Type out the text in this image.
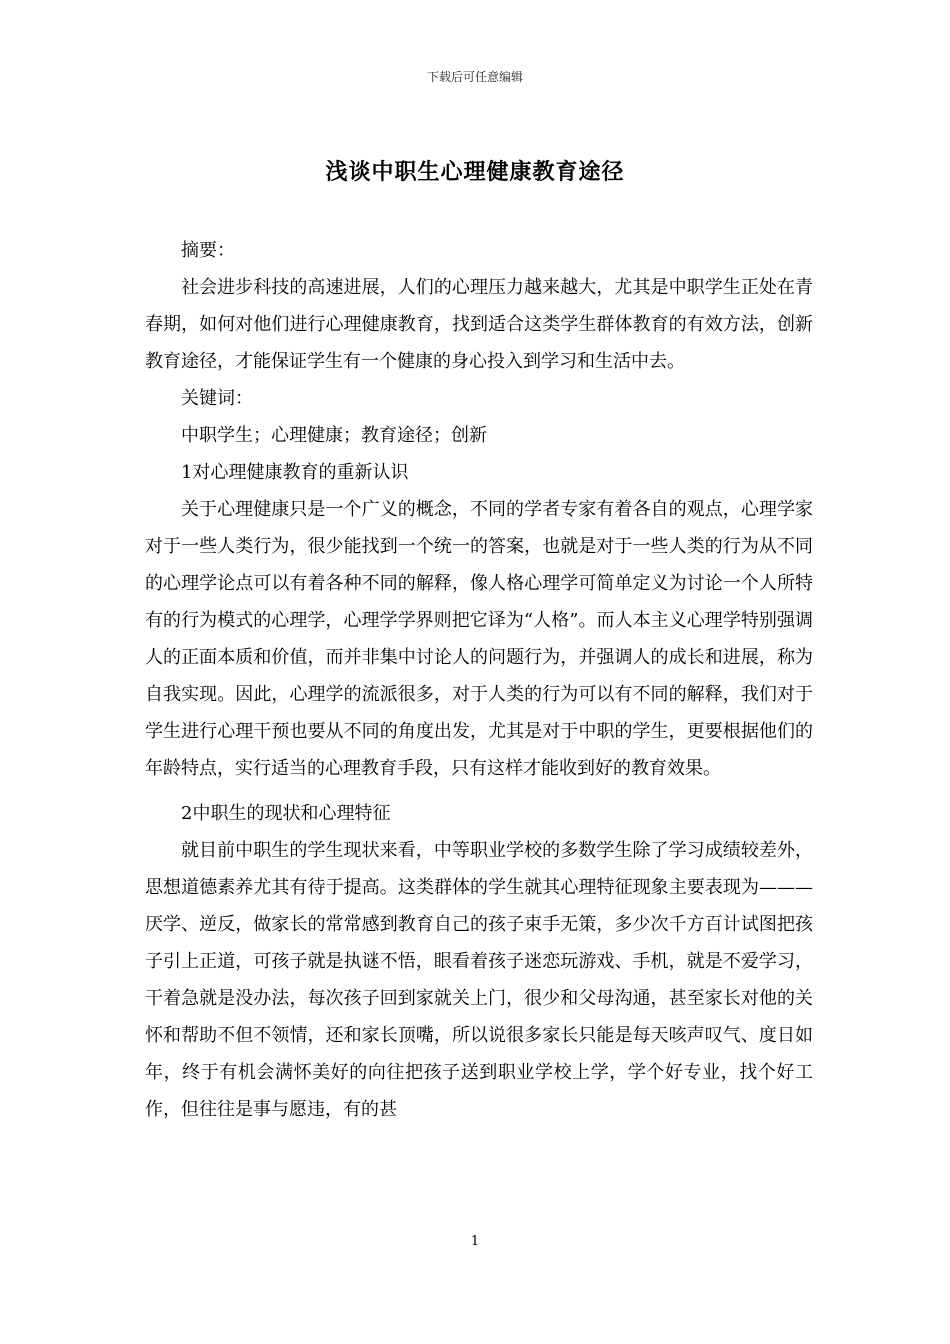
下载后可任意编辑
浅谈中职生心理健康教育途径

摘要：

社会进步科技的高速进展，人们的心理压力越来越大，尤其是中职学生正处在青春期，如何对他们进行心理健康教育，找到适合这类学生群体教育的有效方法，创新教育途径，才能保证学生有一个健康的身心投入到学习和生活中去。

关键词：

中职学生；心理健康；教育途径；创新

1对心理健康教育的重新认识

关于心理健康只是一个广义的概念，不同的学者专家有着各自的观点，心理学家对于一些人类行为，很少能找到一个统一的答案，也就是对于一些人类的行为从不同的心理学论点可以有着各种不同的解释，像人格心理学可简单定义为讨论一个人所特有的行为模式的心理学，心理学学界则把它译为“人格”。而人本主义心理学特别强调人的正面本质和价值，而并非集中讨论人的问题行为，并强调人的成长和进展，称为自我实现。因此，心理学的流派很多，对于人类的行为可以有不同的解释，我们对于学生进行心理干预也要从不同的角度出发，尤其是对于中职的学生，更要根据他们的年龄特点，实行适当的心理教育手段，只有这样才能收到好的教育效果。

2中职生的现状和心理特征

就目前中职生的学生现状来看，中等职业学校的多数学生除了学习成绩较差外，思想道德素养尤其有待于提高。这类群体的学生就其心理特征现象主要表现为———厌学、逆反，做家长的常常感到教育自己的孩子束手无策，多少次千方百计试图把孩子引上正道，可孩子就是执谜不悟，眼看着孩子迷恋玩游戏、手机，就是不爱学习，干着急就是没办法，每次孩子回到家就关上门，很少和父母沟通，甚至家长对他的关怀和帮助不但不领情，还和家长顶嘴，所以说很多家长只能是每天咳声叹气、度日如年，终于有机会满怀美好的向往把孩子送到职业学校上学，学个好专业，找个好工作，但往往是事与愿违，有的甚

1
